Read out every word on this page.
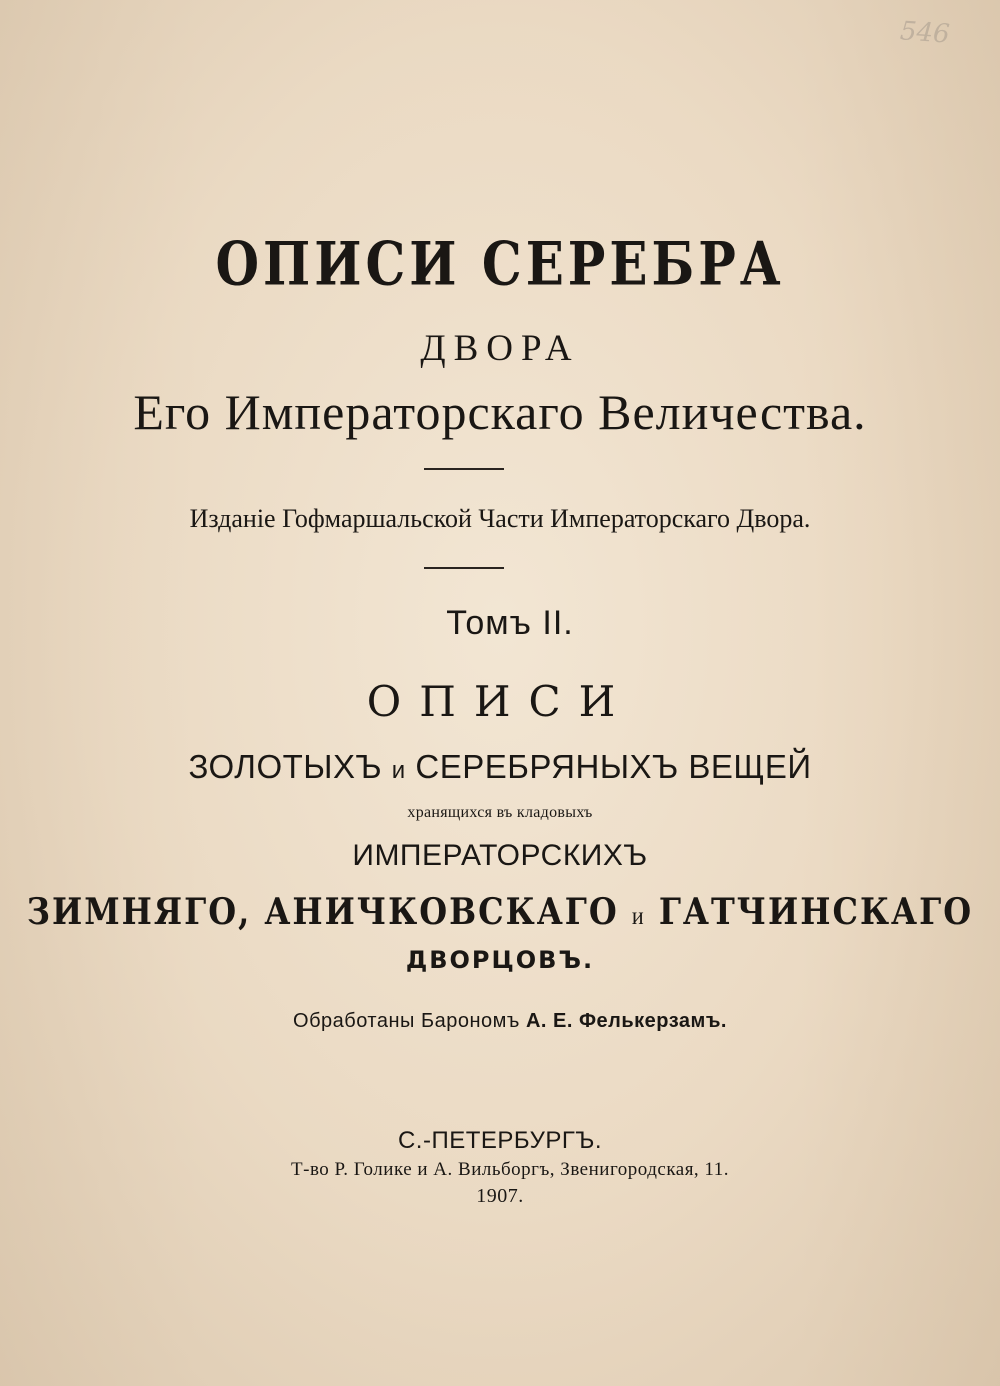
546
ОПИСИ СЕРЕБРА
ДВОРА
Его Императорскаго Величества.
Изданiе Гофмаршальской Части Императорскаго Двора.
Томъ II.
ОПИСИ
ЗОЛОТЫХЪ и СЕРЕБРЯНЫХЪ ВЕЩЕЙ
хранящихся въ кладовыхъ
ИМПЕРАТОРСКИХЪ
ЗИМНЯГО, АНИЧКОВСКАГО и ГАТЧИНСКАГО
ДВОРЦОВЪ.
Обработаны Барономъ А. Е. Фелькерзамъ.
С.-ПЕТЕРБУРГЪ.
Т-во Р. Голике и А. Вильборгъ, Звенигородская, 11.
1907.
